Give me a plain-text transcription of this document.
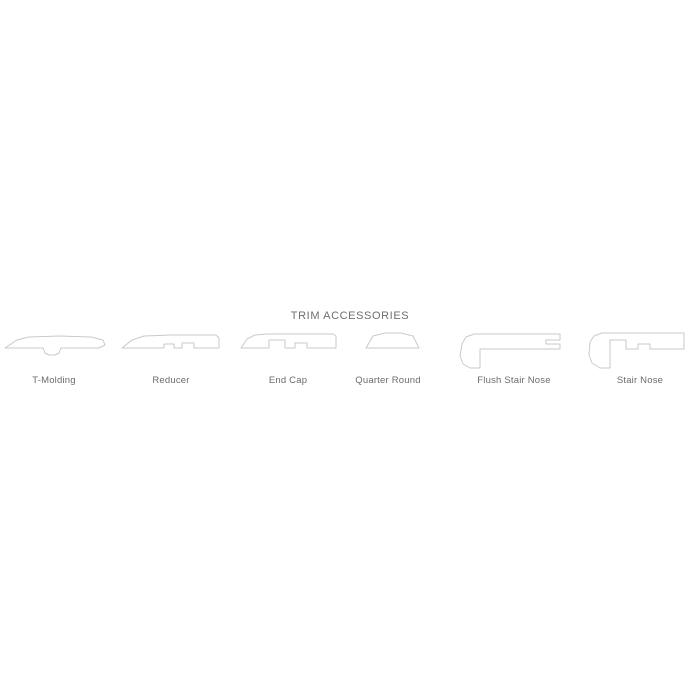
TRIM ACCESSORIES
T-Molding	Reducer	End Cap	Quarter Round	Flush Stair Nose	Stair Nose
